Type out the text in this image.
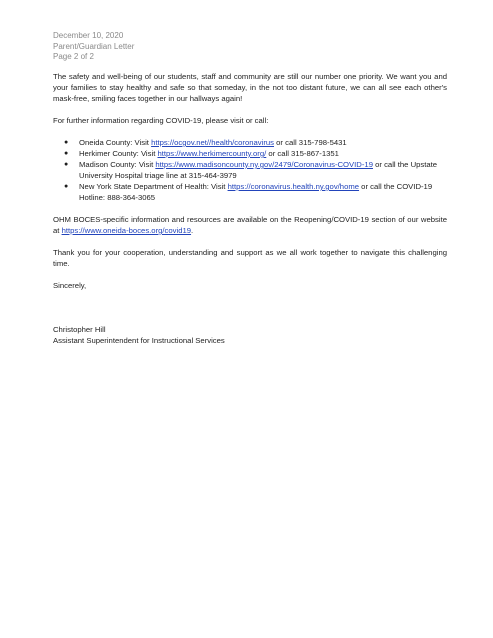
December 10, 2020
Parent/Guardian Letter
Page 2 of 2

The safety and well-being of our students, staff and community are still our number one priority. We want you and your families to stay healthy and safe so that someday, in the not too distant future, we can all see each other's mask-free, smiling faces together in our hallways again!

For further information regarding COVID-19, please visit or call:

● Oneida County: Visit https://ocgov.net//health/coronavirus or call 315-798-5431
● Herkimer County: Visit https://www.herkimercounty.org/ or call 315-867-1351
● Madison County: Visit https://www.madisoncounty.ny.gov/2479/Coronavirus-COVID-19 or call the Upstate University Hospital triage line at 315-464-3979
● New York State Department of Health: Visit https://coronavirus.health.ny.gov/home or call the COVID-19 Hotline: 888-364-3065

OHM BOCES-specific information and resources are available on the Reopening/COVID-19 section of our website at https://www.oneida-boces.org/covid19.

Thank you for your cooperation, understanding and support as we all work together to navigate this challenging time.

Sincerely,

Christopher Hill

Assistant Superintendent for Instructional Services
